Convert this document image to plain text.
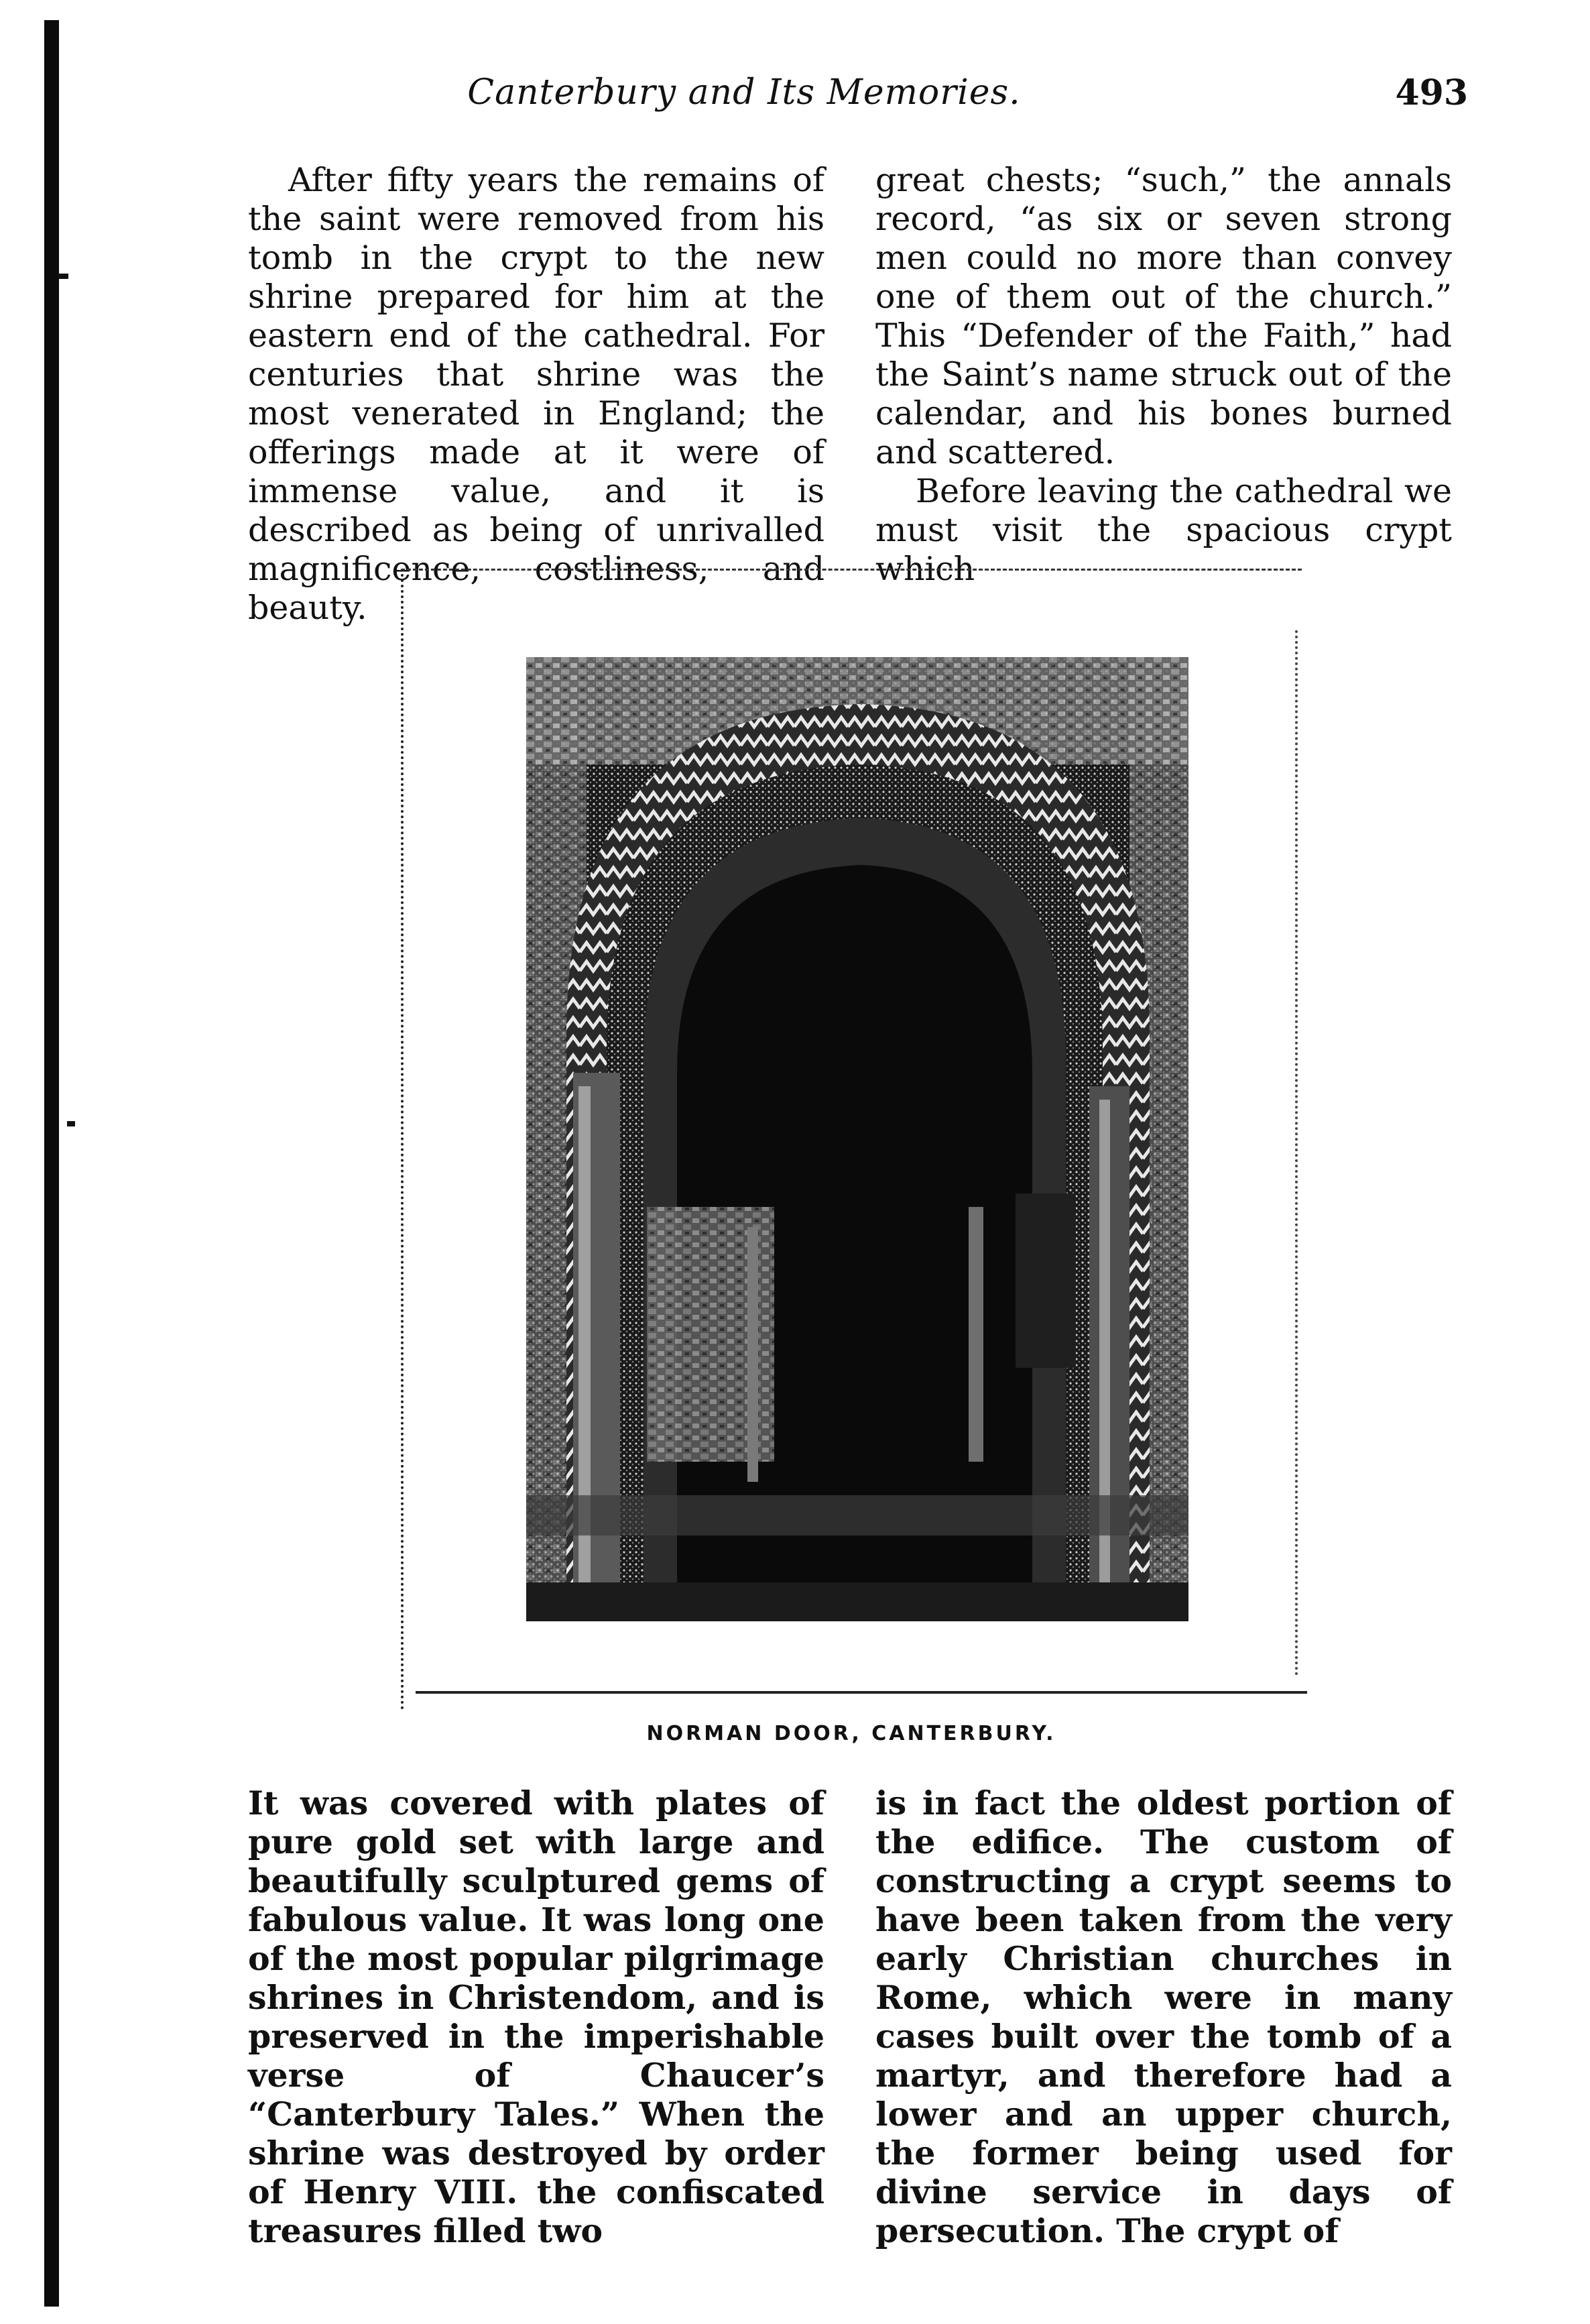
Canterbury and Its Memories.	493

After fifty years the remains of the saint were removed from his tomb in the crypt to the new shrine prepared for him at the eastern end of the cathedral. For centuries that shrine was the most venerated in England; the offerings made at it were of immense value, and it is described as being of unrivalled magnificence, costliness, and beauty.

great chests; “such,” the annals record, “as six or seven strong men could no more than convey one of them out of the church.” This “Defender of the Faith,” had the Saint’s name struck out of the calendar, and his bones burned and scattered.

Before leaving the cathedral we must visit the spacious crypt which

NORMAN DOOR, CANTERBURY.

It was covered with plates of pure gold set with large and beautifully sculptured gems of fabulous value. It was long one of the most popular pilgrimage shrines in Christendom, and is preserved in the imperishable verse of Chaucer’s “Canterbury Tales.” When the shrine was destroyed by order of Henry VIII. the confiscated treasures filled two

is in fact the oldest portion of the edifice. The custom of constructing a crypt seems to have been taken from the very early Christian churches in Rome, which were in many cases built over the tomb of a martyr, and therefore had a lower and an upper church, the former being used for divine service in days of persecution. The crypt of
